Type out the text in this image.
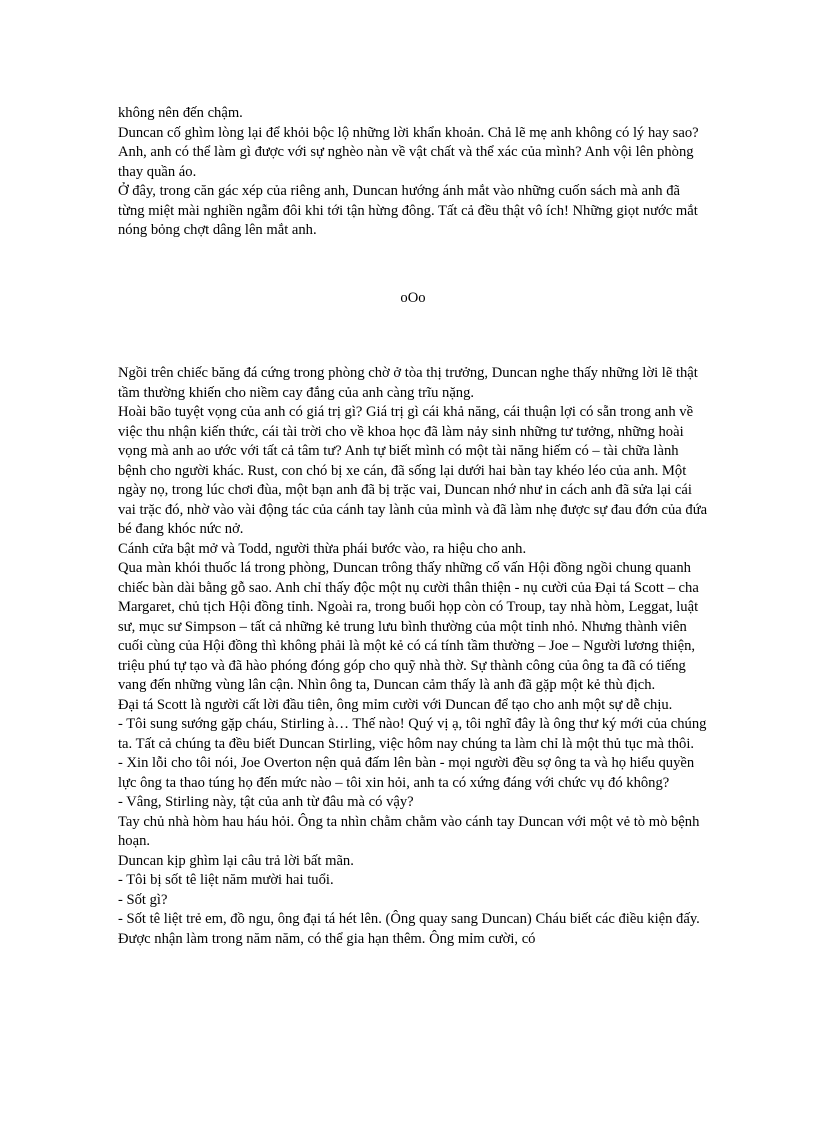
không nên đến chậm.

Duncan cố ghìm lòng lại để khỏi bộc lộ những lời khẩn khoản. Chả lẽ mẹ anh không có lý hay sao? Anh, anh có thể làm gì được với sự nghèo nàn về vật chất và thể xác của mình? Anh vội lên phòng thay quần áo.

Ở đây, trong căn gác xép của riêng anh, Duncan hướng ánh mắt vào những cuốn sách mà anh đã từng miệt mài nghiền ngẫm đôi khi tới tận hừng đông. Tất cả đều thật vô ích! Những giọt nước mắt nóng bỏng chợt dâng lên mắt anh.

oOo

Ngồi trên chiếc băng đá cứng trong phòng chờ ở tòa thị trưởng, Duncan nghe thấy những lời lẽ thật tầm thường khiến cho niềm cay đắng của anh càng trĩu nặng.

Hoài bão tuyệt vọng của anh có giá trị gì? Giá trị gì cái khả năng, cái thuận lợi có sẵn trong anh về việc thu nhận kiến thức, cái tài trời cho về khoa học đã làm nảy sinh những tư tưởng, những hoài vọng mà anh ao ước với tất cả tâm tư? Anh tự biết mình có một tài năng hiếm có – tài chữa lành bệnh cho người khác. Rust, con chó bị xe cán, đã sống lại dưới hai bàn tay khéo léo của anh. Một ngày nọ, trong lúc chơi đùa, một bạn anh đã bị trặc vai, Duncan nhớ như in cách anh đã sửa lại cái vai trặc đó, nhờ vào vài động tác của cánh tay lành của mình và đã làm nhẹ được sự đau đớn của đứa bé đang khóc nức nở.

Cánh cửa bật mở và Todd, người thừa phái bước vào, ra hiệu cho anh.

Qua màn khói thuốc lá trong phòng, Duncan trông thấy những cố vấn Hội đồng ngồi chung quanh chiếc bàn dài bằng gỗ sao. Anh chỉ thấy độc một nụ cười thân thiện - nụ cười của Đại tá Scott – cha Margaret, chủ tịch Hội đồng tỉnh. Ngoài ra, trong buổi họp còn có Troup, tay nhà hòm, Leggat, luật sư, mục sư Simpson – tất cả những kẻ trung lưu bình thường của một tỉnh nhỏ. Nhưng thành viên cuối cùng của Hội đồng thì không phải là một kẻ có cá tính tầm thường – Joe – Người lương thiện, triệu phú tự tạo và đã hào phóng đóng góp cho quỹ nhà thờ. Sự thành công của ông ta đã có tiếng vang đến những vùng lân cận. Nhìn ông ta, Duncan cảm thấy là anh đã gặp một kẻ thù địch.

Đại tá Scott là người cất lời đầu tiên, ông mỉm cười với Duncan để tạo cho anh một sự dễ chịu.

- Tôi sung sướng gặp cháu, Stirling à… Thế nào! Quý vị ạ, tôi nghĩ đây là ông thư ký mới của chúng ta. Tất cả chúng ta đều biết Duncan Stirling, việc hôm nay chúng ta làm chỉ là một thủ tục mà thôi.

- Xin lỗi cho tôi nói, Joe Overton nện quả đấm lên bàn - mọi người đều sợ ông ta và họ hiểu quyền lực ông ta thao túng họ đến mức nào – tôi xin hỏi, anh ta có xứng đáng với chức vụ đó không?

- Vâng, Stirling này, tật của anh từ đâu mà có vậy?

Tay chủ nhà hòm hau háu hỏi. Ông ta nhìn chằm chằm vào cánh tay Duncan với một vẻ tò mò bệnh hoạn.

Duncan kịp ghìm lại câu trả lời bất mãn.

- Tôi bị sốt tê liệt năm mười hai tuổi.

- Sốt gì?

- Sốt tê liệt trẻ em, đồ ngu, ông đại tá hét lên. (Ông quay sang Duncan) Cháu biết các điều kiện đấy. Được nhận làm trong năm năm, có thể gia hạn thêm. Ông mỉm cười, có
